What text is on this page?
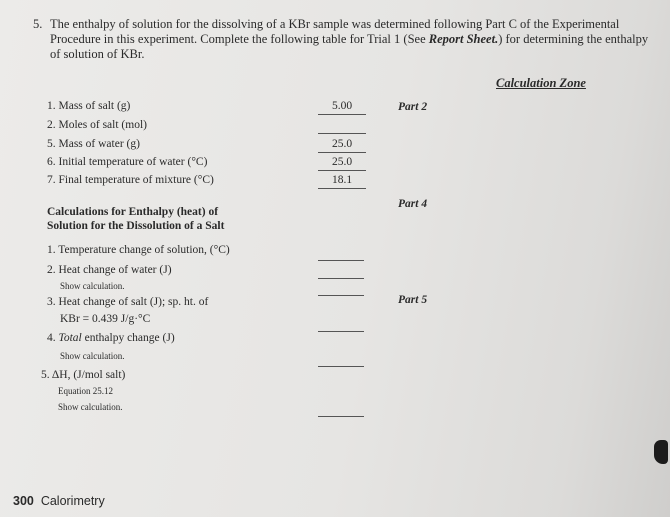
5. The enthalpy of solution for the dissolving of a KBr sample was determined following Part C of the Experimental Procedure in this experiment. Complete the following table for Trial 1 (See Report Sheet.) for determining the enthalpy of solution of KBr.
Calculation Zone
1. Mass of salt (g)	5.00
2. Moles of salt (mol)
5. Mass of water (g)	25.0
6. Initial temperature of water (°C)	25.0
7. Final temperature of mixture (°C)	18.1
Part 2
Part 4
Part 5
Calculations for Enthalpy (heat) of
Solution for the Dissolution of a Salt
1. Temperature change of solution, (°C)
2. Heat change of water (J)
Show calculation.
3. Heat change of salt (J); sp. ht. of
KBr = 0.439 J/g·°C
4. Total enthalpy change (J)
Show calculation.
5. ΔH, (J/mol salt)
Equation 25.12
Show calculation.
300 Calorimetry
